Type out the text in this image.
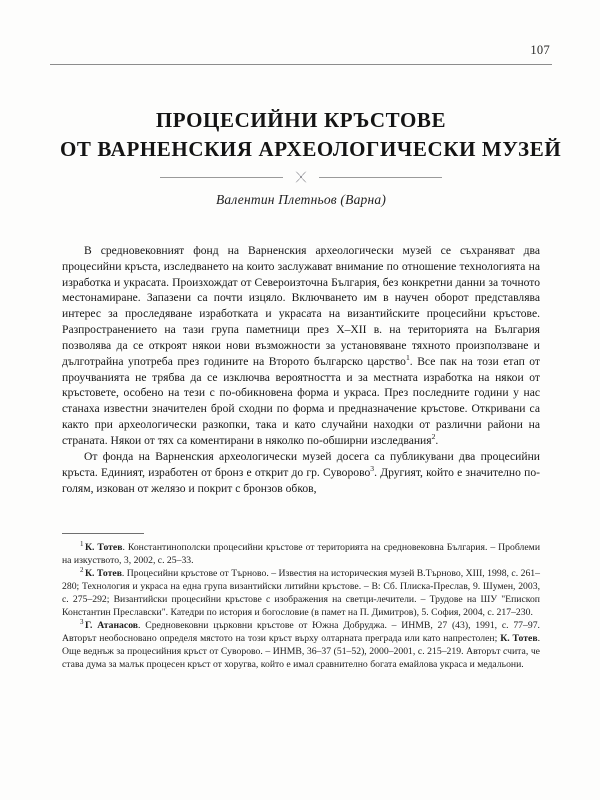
107
ПРОЦЕСИЙНИ КРЪСТОВЕ
ОТ ВАРНЕНСКИЯ АРХЕОЛОГИЧЕСКИ МУЗЕЙ
Валентин Плетньов (Варна)

В средновековният фонд на Варненския археологически музей се съхраняват два процесийни кръста, изследването на които заслужават внимание по отношение технологията на изработка и украсата. Произхождат от Североизточна България, без конкретни данни за точното местонамиране. Запазени са почти изцяло. Включването им в научен оборот представлява интерес за проследяване изработката и украсата на византийските процесийни кръстове. Разпространението на тази група паметници през X–XII в. на територията на България позволява да се откроят някои нови възможности за установяване тяхното произползване и дълготрайна употреба през годините на Второто българско царство$^1$. Все пак на този етап от проучванията не трябва да се изключва вероятността и за местната изработка на някои от кръстовете, особено на тези с по-обикновена форма и украса. През последните години у нас станаха известни значителен брой сходни по форма и предназначение кръстове. Откривани са както при археологически разкопки, така и като случайни находки от различни райони на страната. Някои от тях са коментирани в няколко по-обширни изследвания$^2$.

От фонда на Варненския археологически музей досега са публикувани два процесийни кръста. Единият, изработен от бронз е открит до гр. Суворово$^3$. Другият, който е значително по-голям, изкован от желязо и покрит с бронзов обков,

$^1$ К. Тотев. Константинополски процесийни кръстове от територията на средновековна България. – Проблеми на изкуството, 3, 2002, с. 25–33.

$^2$ К. Тотев. Процесийни кръстове от Търново. – Известия на историческия музей В.Търново, XIII, 1998, с. 261–280; Технология и украса на една група византийски литийни кръстове. – В: Сб. Плиска-Преслав, 9. Шумен, 2003, с. 275–292; Византийски процесийни кръстове с изображения на светци-лечители. – Трудове на ШУ "Епископ Константин Преславски". Катедри по история и богословие (в памет на П. Димитров), 5. София, 2004, с. 217–230.

$^3$ Г. Атанасов. Средновековни църковни кръстове от Южна Добруджа. – ИНМВ, 27 (43), 1991, с. 77–97. Авторът необосновано определя мястото на този кръст върху олтарната преграда или като напрестолен; К. Тотев. Още веднъж за процесийния кръст от Суворово. – ИНМВ, 36–37 (51–52), 2000–2001, с. 215–219. Авторът счита, че става дума за малък процесен кръст от хоругва, който е имал сравнително богата емайлова украса и медальони.
